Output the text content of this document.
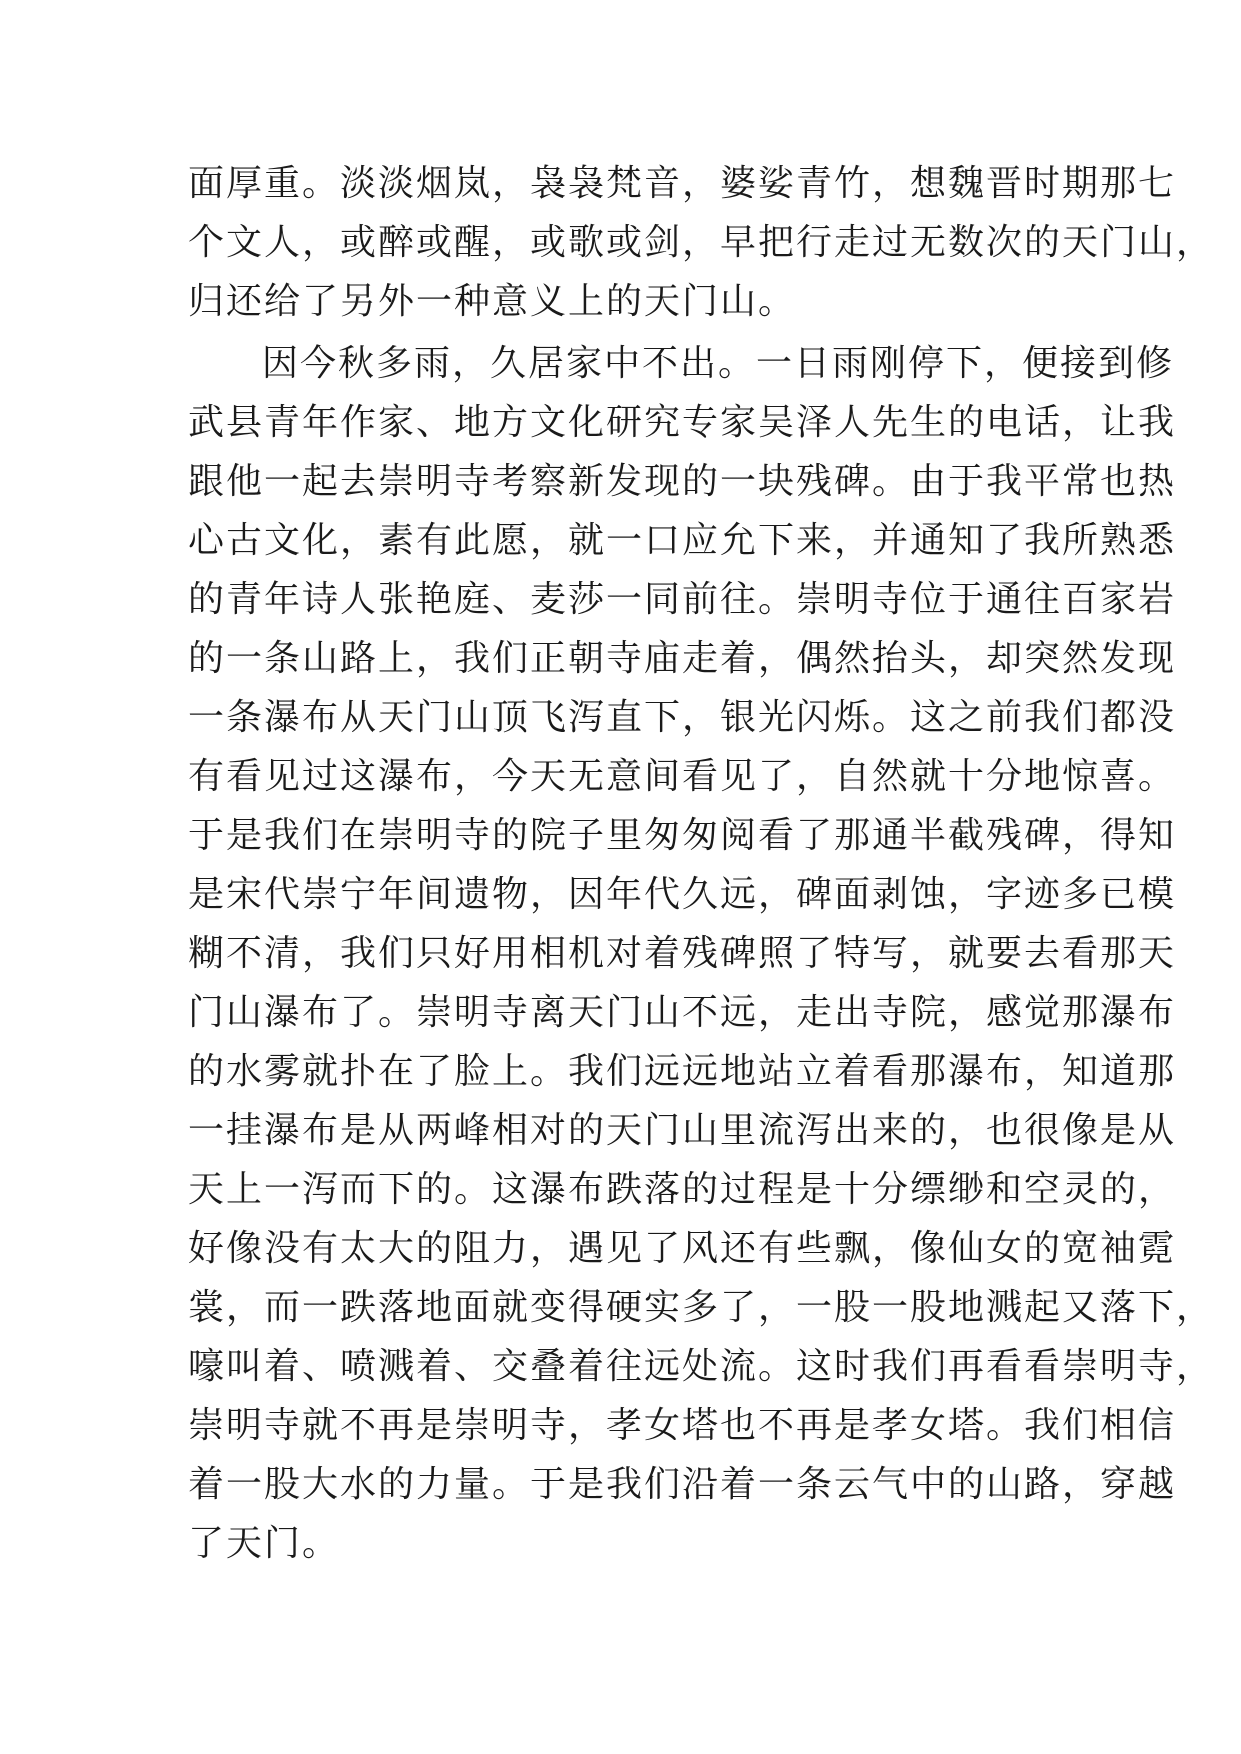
面厚重。淡淡烟岚，袅袅梵音，婆娑青竹，想魏晋时期那七
个文人，或醉或醒，或歌或剑，早把行走过无数次的天门山，
归还给了另外一种意义上的天门山。
因今秋多雨，久居家中不出。一日雨刚停下，便接到修
武县青年作家、地方文化研究专家吴泽人先生的电话，让我
跟他一起去崇明寺考察新发现的一块残碑。由于我平常也热
心古文化，素有此愿，就一口应允下来，并通知了我所熟悉
的青年诗人张艳庭、麦莎一同前往。崇明寺位于通往百家岩
的一条山路上，我们正朝寺庙走着，偶然抬头，却突然发现
一条瀑布从天门山顶飞泻直下，银光闪烁。这之前我们都没
有看见过这瀑布，今天无意间看见了，自然就十分地惊喜。
于是我们在崇明寺的院子里匆匆阅看了那通半截残碑，得知
是宋代崇宁年间遗物，因年代久远，碑面剥蚀，字迹多已模
糊不清，我们只好用相机对着残碑照了特写，就要去看那天
门山瀑布了。崇明寺离天门山不远，走出寺院，感觉那瀑布
的水雾就扑在了脸上。我们远远地站立着看那瀑布，知道那
一挂瀑布是从两峰相对的天门山里流泻出来的，也很像是从
天上一泻而下的。这瀑布跌落的过程是十分缥缈和空灵的，
好像没有太大的阻力，遇见了风还有些飘，像仙女的宽袖霓
裳，而一跌落地面就变得硬实多了，一股一股地溅起又落下，
嚎叫着、喷溅着、交叠着往远处流。这时我们再看看崇明寺，
崇明寺就不再是崇明寺，孝女塔也不再是孝女塔。我们相信
着一股大水的力量。于是我们沿着一条云气中的山路，穿越
了天门。
